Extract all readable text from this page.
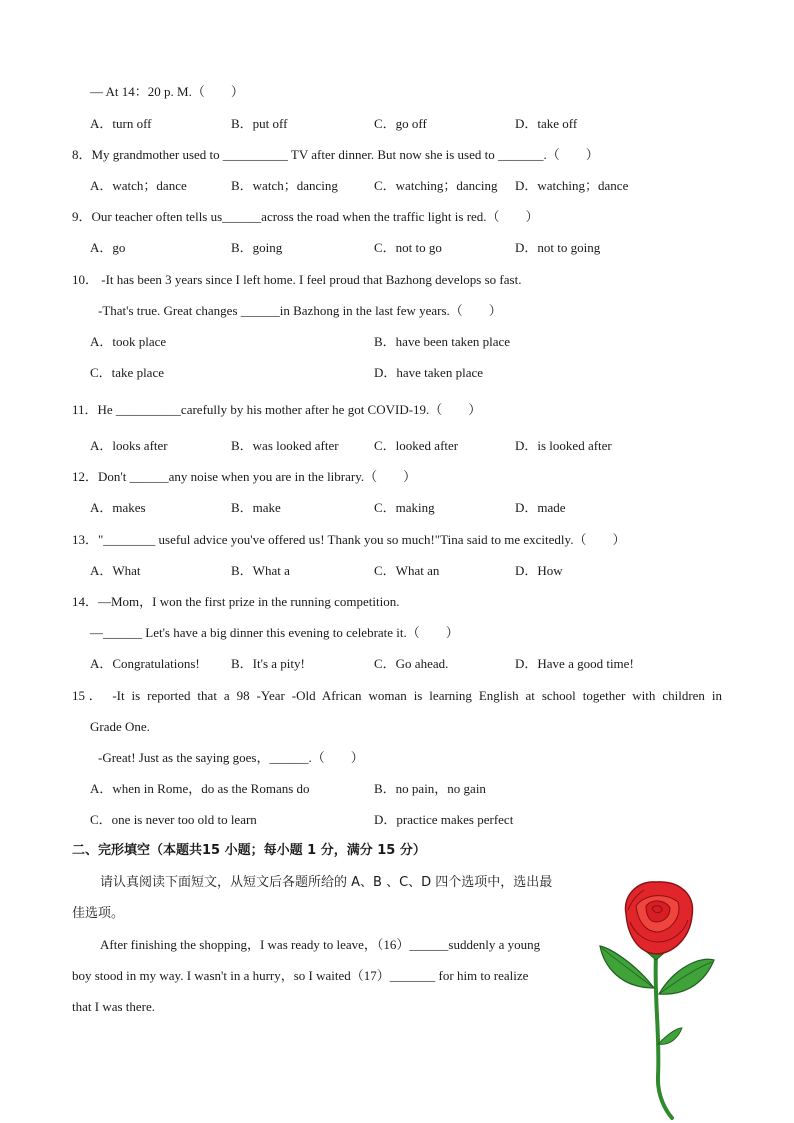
— At 14：20 p. M.（　　）
A．turn off	B．put off	C．go off	D．take off
8．My grandmother used to __________ TV after dinner. But now she is used to _______.（　　）
A．watch；dance	B．watch；dancing	C．watching；dancing D．watching；dance
9．Our teacher often tells us______across the road when the traffic light is red.（　　）
A．go	B．going	C．not to go	D．not to going
10． -It has been 3 years since I left home. I feel proud that Bazhong develops so fast.
-That's true. Great changes ______in Bazhong in the last few years.（　　）
A．took place	B．have been taken place
C．take place	D．have taken place
11．He __________carefully by his mother after he got COVID-19.（　　）
A．looks after	B．was looked after	C．looked after	D．is looked after
12．Don't ______any noise when you are in the library.（　　）
A．makes	B．make	C．making	D．made
13．"________ useful advice you've offered us! Thank you so much!"Tina said to me excitedly.（　　）
A．What	B．What a	C．What an	D．How
14．—Mom，I won the first prize in the running competition.
—______ Let's have a big dinner this evening to celebrate it.（　　）
A．Congratulations! B．It's a pity!	C．Go ahead.	D．Have a good time!
15． -It is reported that a 98 -Year -Old African woman is learning English at school together with children in
Grade One.
-Great! Just as the saying goes，______.（　　）
A．when in Rome，do as the Romans do	B．no pain，no gain
C．one is never too old to learn	D．practice makes perfect
二、完形填空（本题共15 小题；每小题 1 分，满分 15 分）
请认真阅读下面短文，从短文后各题所给的 A、B 、C、D 四个选项中，选出最
佳选项。
After finishing the shopping，I was ready to leave，（16）______suddenly a young
boy stood in my way. I wasn't in a hurry，so I waited（17）_______ for him to realize
that I was there.
